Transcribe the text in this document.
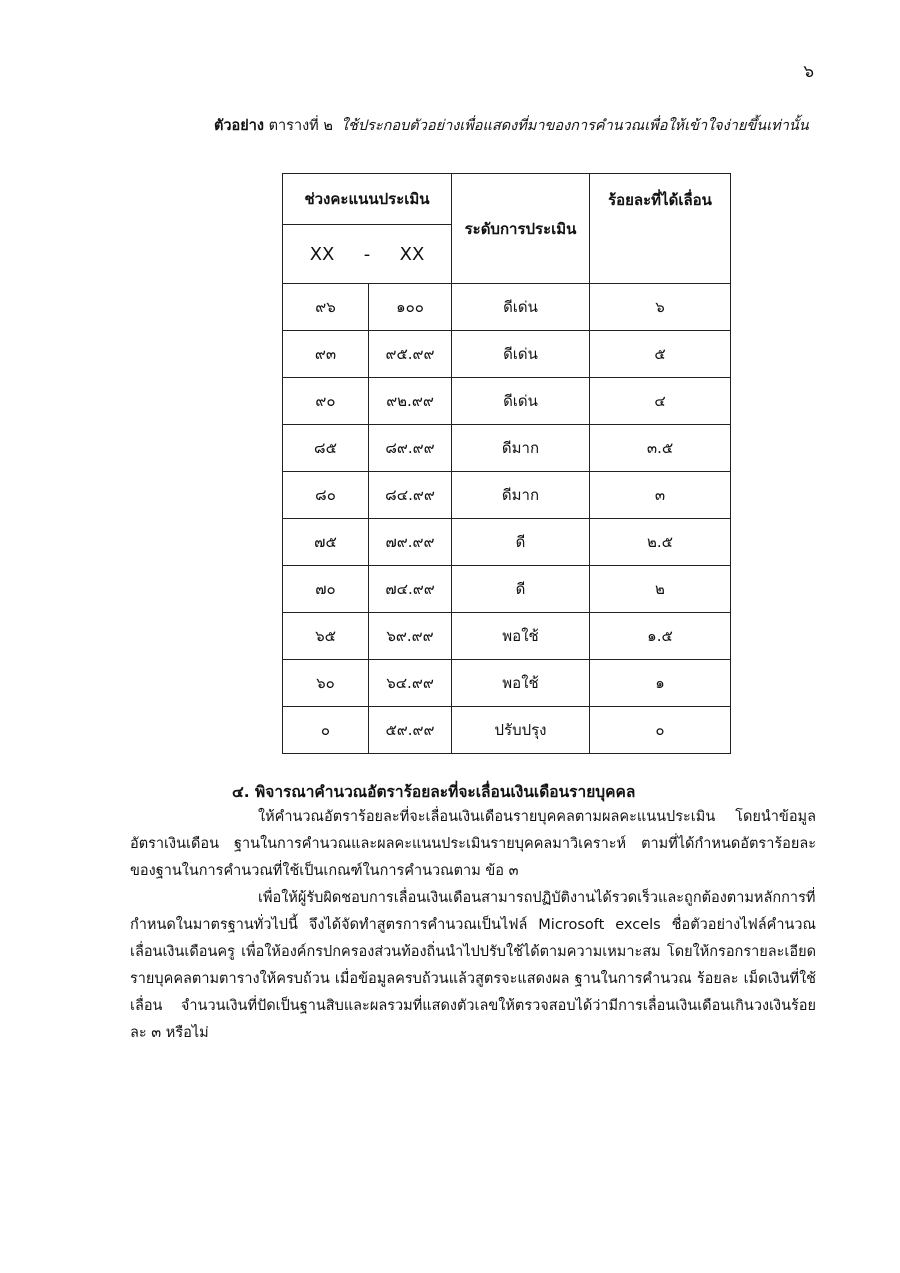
๖
ตัวอย่าง ตารางที่ ๒ ใช้ประกอบตัวอย่างเพื่อแสดงที่มาของการคำนวณเพื่อให้เข้าใจง่ายขึ้นเท่านั้น
ช่วงคะแนนประเมิน		ระดับการประเมิน	ร้อยละที่ได้เลื่อน

XX - XX			

๙๖	๑๐๐	ดีเด่น	๖
๙๓	๙๕.๙๙	ดีเด่น	๕
๙๐	๙๒.๙๙	ดีเด่น	๔
๘๕	๘๙.๙๙	ดีมาก	๓.๕
๘๐	๘๔.๙๙	ดีมาก	๓
๗๕	๗๙.๙๙	ดี	๒.๕
๗๐	๗๔.๙๙	ดี	๒
๖๕	๖๙.๙๙	พอใช้	๑.๕
๖๐	๖๔.๙๙	พอใช้	๑
๐	๕๙.๙๙	ปรับปรุง	๐
๔. พิจารณาคำนวณอัตราร้อยละที่จะเลื่อนเงินเดือนรายบุคคล

ให้คำนวณอัตราร้อยละที่จะเลื่อนเงินเดือนรายบุคคลตามผลคะแนนประเมิน โดยนำข้อมูลอัตราเงินเดือน ฐานในการคำนวณและผลคะแนนประเมินรายบุคคลมาวิเคราะห์ ตามที่ได้กำหนดอัตราร้อยละของฐานในการคำนวณที่ใช้เป็นเกณฑ์ในการคำนวณตาม ข้อ ๓

เพื่อให้ผู้รับผิดชอบการเลื่อนเงินเดือนสามารถปฏิบัติงานได้รวดเร็วและถูกต้องตามหลักการที่กำหนดในมาตรฐานทั่วไปนี้ จึงได้จัดทำสูตรการคำนวณเป็นไฟล์ Microsoft excels ชื่อตัวอย่างไฟล์คำนวณเลื่อนเงินเดือนครู เพื่อให้องค์กรปกครองส่วนท้องถิ่นนำไปปรับใช้ได้ตามความเหมาะสม โดยให้กรอกรายละเอียดรายบุคคลตามตารางให้ครบถ้วน เมื่อข้อมูลครบถ้วนแล้วสูตรจะแสดงผล ฐานในการคำนวณ ร้อยละ เม็ดเงินที่ใช้เลื่อน จำนวนเงินที่ปัดเป็นฐานสิบและผลรวมที่แสดงตัวเลขให้ตรวจสอบได้ว่ามีการเลื่อนเงินเดือนเกินวงเงินร้อยละ ๓ หรือไม่
